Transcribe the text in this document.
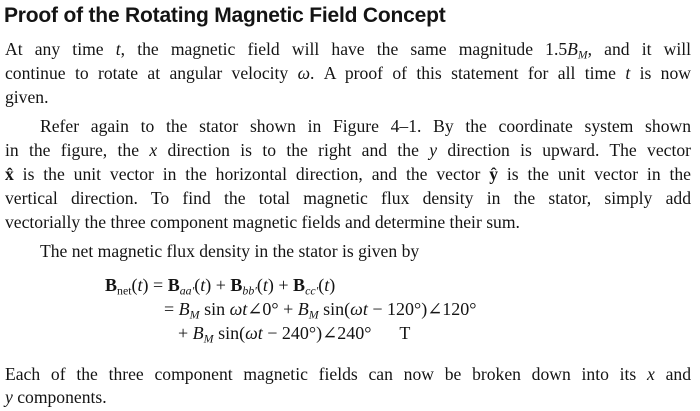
Proof of the Rotating Magnetic Field Concept
At any time t, the magnetic field will have the same magnitude $1.5B_M$, and it will
continue to rotate at angular velocity ω. A proof of this statement for all time t is now
given.
Refer again to the stator shown in Figure 4–1. By the coordinate system shown
in the figure, the x direction is to the right and the y direction is upward. The vector
x̂ is the unit vector in the horizontal direction, and the vector ŷ is the unit vector in the
vertical direction. To find the total magnetic flux density in the stator, simply add
vectorially the three component magnetic fields and determine their sum.
The net magnetic flux density in the stator is given by
$B_{net}(t) = B_{aa'}(t) + B_{bb'}(t) + B_{cc'}(t)$
= $B_M$ sin ωt∠0° + $B_M$ sin(ωt − 120°)∠120°
+ $B_M$ sin(ωt − 240°)∠240° T
Each of the three component magnetic fields can now be broken down into its x and
y components.
